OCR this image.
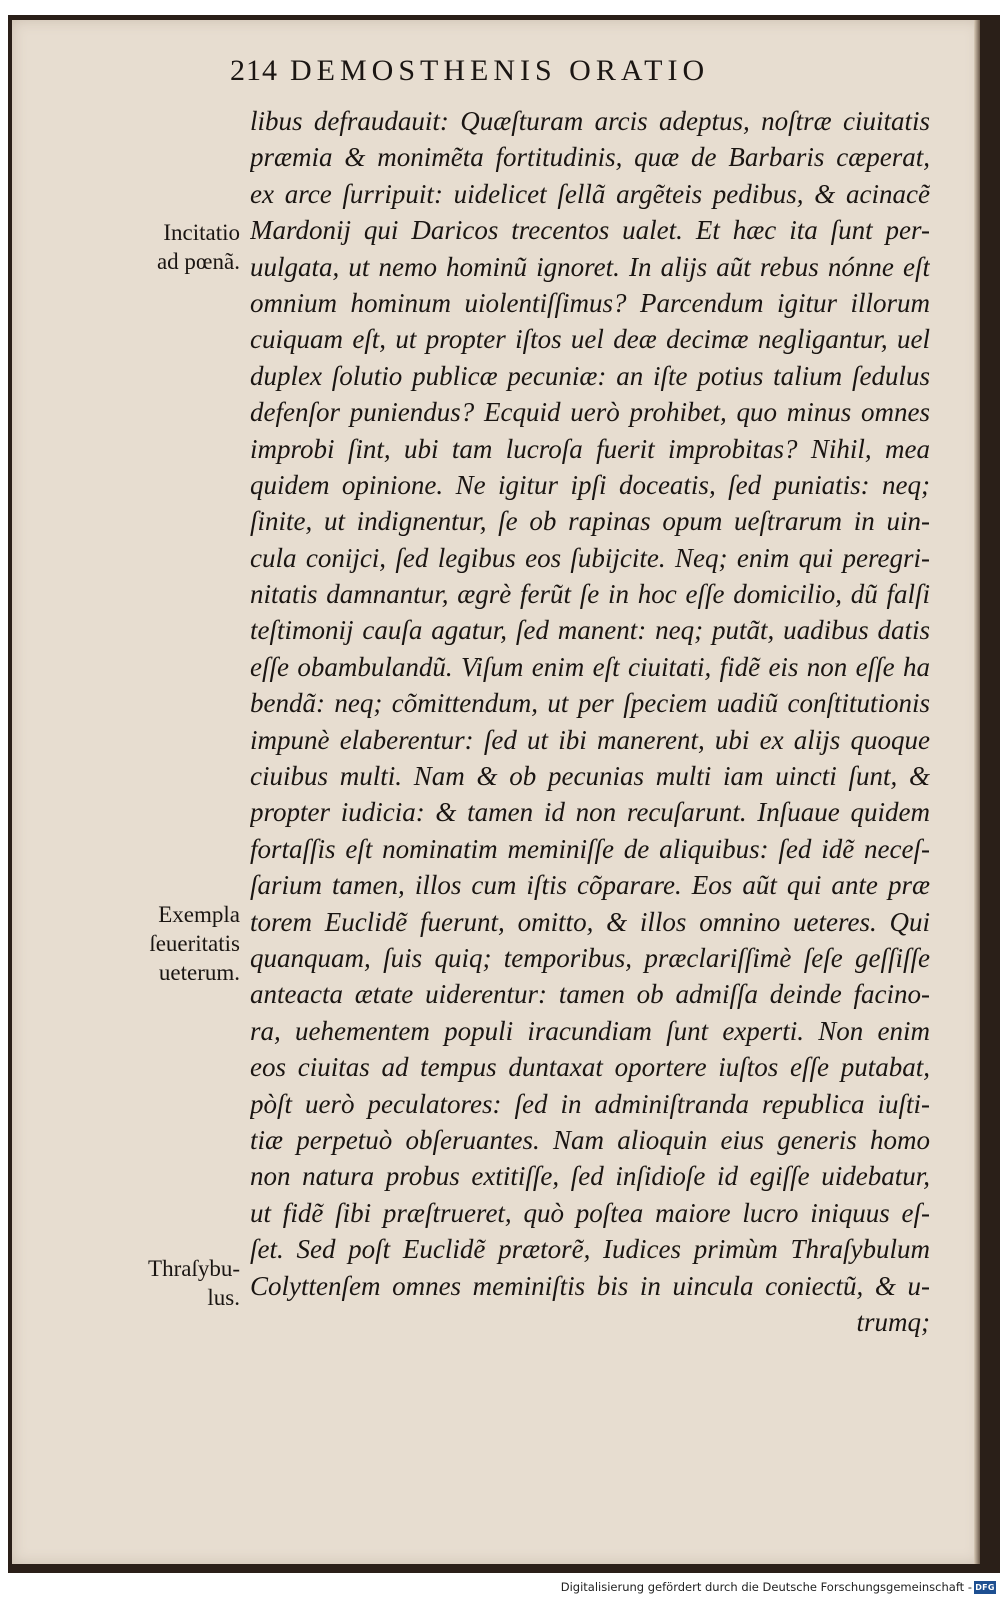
214 DEMOSTHENIS ORATIO
Incitatio
ad pœnã.
Exempla
ſeueritatis
ueterum.
Thraſybu-
lus.
libus defraudauit: Quæſturam arcis adeptus, noſtræ ciuitatis
præmia & monimẽta fortitudinis, quæ de Barbaris cæperat,
ex arce ſurripuit: uidelicet ſellã argẽteis pedibus, & acinacẽ
Mardonij qui Daricos trecentos ualet. Et hæc ita ſunt per-
uulgata, ut nemo hominũ ignoret. In alijs aũt rebus nónne eſt
omnium hominum uiolentiſſimus? Parcendum igitur illorum
cuiquam eſt, ut propter iſtos uel deæ decimæ negligantur, uel
duplex ſolutio publicæ pecuniæ: an iſte potius talium ſedulus
defenſor puniendus? Ecquid uerò prohibet, quo minus omnes
improbi ſint, ubi tam lucroſa fuerit improbitas? Nihil, mea
quidem opinione. Ne igitur ipſi doceatis, ſed puniatis: neq;
ſinite, ut indignentur, ſe ob rapinas opum ueſtrarum in uin-
cula conijci, ſed legibus eos ſubijcite. Neq; enim qui peregri-
nitatis damnantur, ægrè ferũt ſe in hoc eſſe domicilio, dũ falſi
teſtimonij cauſa agatur, ſed manent: neq; putãt, uadibus datis
eſſe obambulandũ. Viſum enim eſt ciuitati, fidẽ eis non eſſe ha
bendã: neq; cõmittendum, ut per ſpeciem uadiũ conſtitutionis
impunè elaberentur: ſed ut ibi manerent, ubi ex alijs quoque
ciuibus multi. Nam & ob pecunias multi iam uincti ſunt, &
propter iudicia: & tamen id non recuſarunt. Inſuaue quidem
fortaſſis eſt nominatim meminiſſe de aliquibus: ſed idẽ neceſ-
ſarium tamen, illos cum iſtis cõparare. Eos aũt qui ante præ
torem Euclidẽ fuerunt, omitto, & illos omnino ueteres. Qui
quanquam, ſuis quiq; temporibus, præclariſſimè ſeſe geſſiſſe
anteacta ætate uiderentur: tamen ob admiſſa deinde facino-
ra, uehementem populi iracundiam ſunt experti. Non enim
eos ciuitas ad tempus duntaxat oportere iuſtos eſſe putabat,
pòſt uerò peculatores: ſed in adminiſtranda republica iuſti-
tiæ perpetuò obſeruantes. Nam alioquin eius generis homo
non natura probus extitiſſe, ſed inſidioſe id egiſſe uidebatur,
ut fidẽ ſibi præſtrueret, quò poſtea maiore lucro iniquus eſ-
ſet. Sed poſt Euclidẽ prætorẽ, Iudices primùm Thraſybulum
Colyttenſem omnes meminiſtis bis in uincula coniectũ, & u-
trumq;
Digitalisierung gefördert durch die Deutsche Forschungsgemeinschaft - DFG
